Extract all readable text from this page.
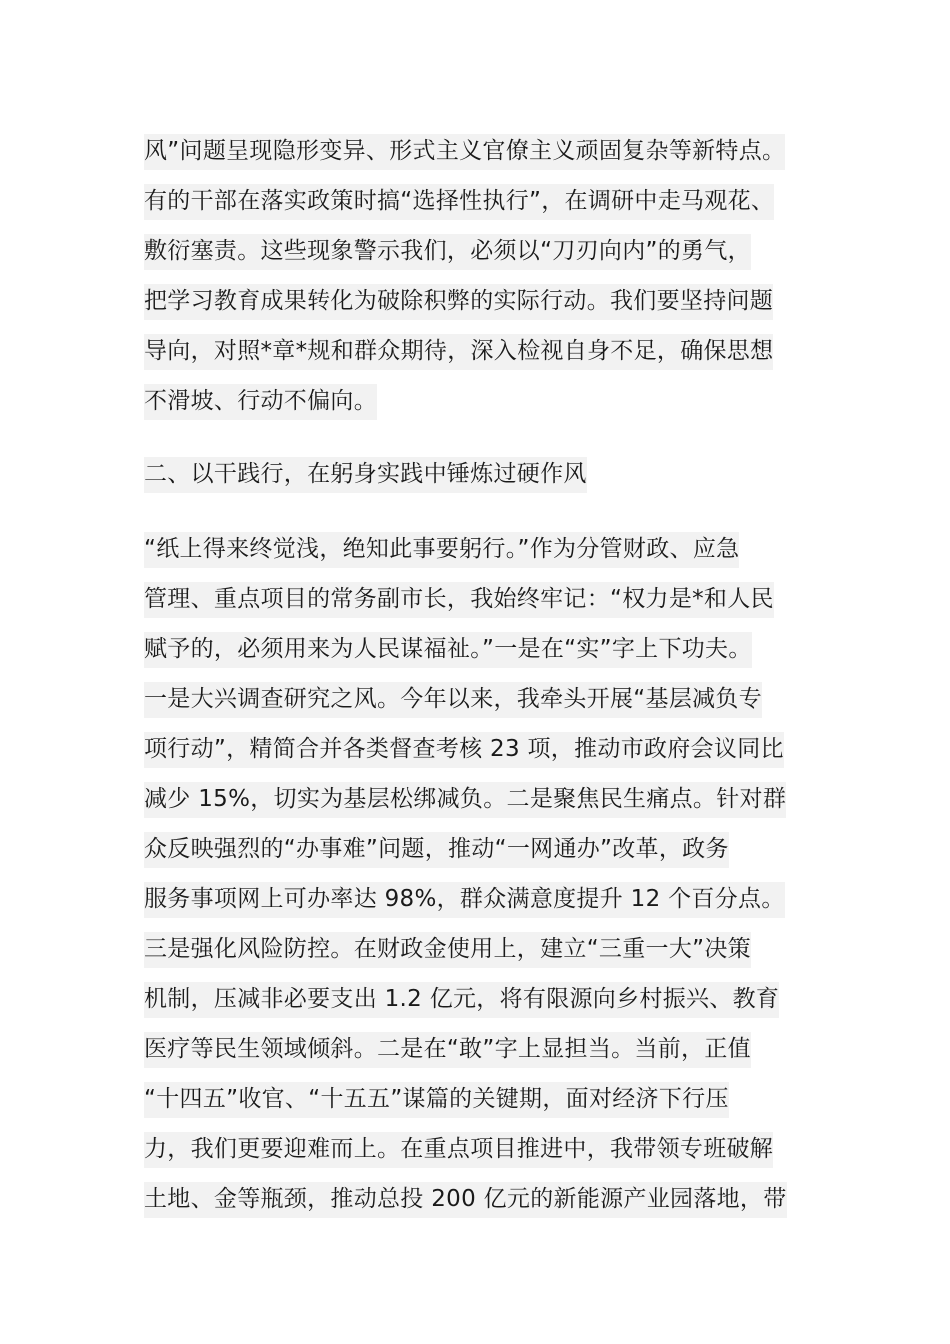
风”问题呈现隐形变异、形式主义官僚主义顽固复杂等新特点。
有的干部在落实政策时搞“选择性执行”，在调研中走马观花、
敷衍塞责。这些现象警示我们，必须以“刀刃向内”的勇气，
把学习教育成果转化为破除积弊的实际行动。我们要坚持问题
导向，对照*章*规和群众期待，深入检视自身不足，确保思想
不滑坡、行动不偏向。
二、以干践行，在躬身实践中锤炼过硬作风
“纸上得来终觉浅，绝知此事要躬行。”作为分管财政、应急
管理、重点项目的常务副市长，我始终牢记：“权力是*和人民
赋予的，必须用来为人民谋福祉。”一是在“实”字上下功夫。
一是大兴调查研究之风。今年以来，我牵头开展“基层减负专
项行动”，精简合并各类督查考核 23 项，推动市政府会议同比
减少 15%，切实为基层松绑减负。二是聚焦民生痛点。针对群
众反映强烈的“办事难”问题，推动“一网通办”改革，政务
服务事项网上可办率达 98%，群众满意度提升 12 个百分点。
三是强化风险防控。在财政金使用上，建立“三重一大”决策
机制，压减非必要支出 1.2 亿元，将有限源向乡村振兴、教育
医疗等民生领域倾斜。二是在“敢”字上显担当。当前，正值
“十四五”收官、“十五五”谋篇的关键期，面对经济下行压
力，我们更要迎难而上。在重点项目推进中，我带领专班破解
土地、金等瓶颈，推动总投 200 亿元的新能源产业园落地，带
